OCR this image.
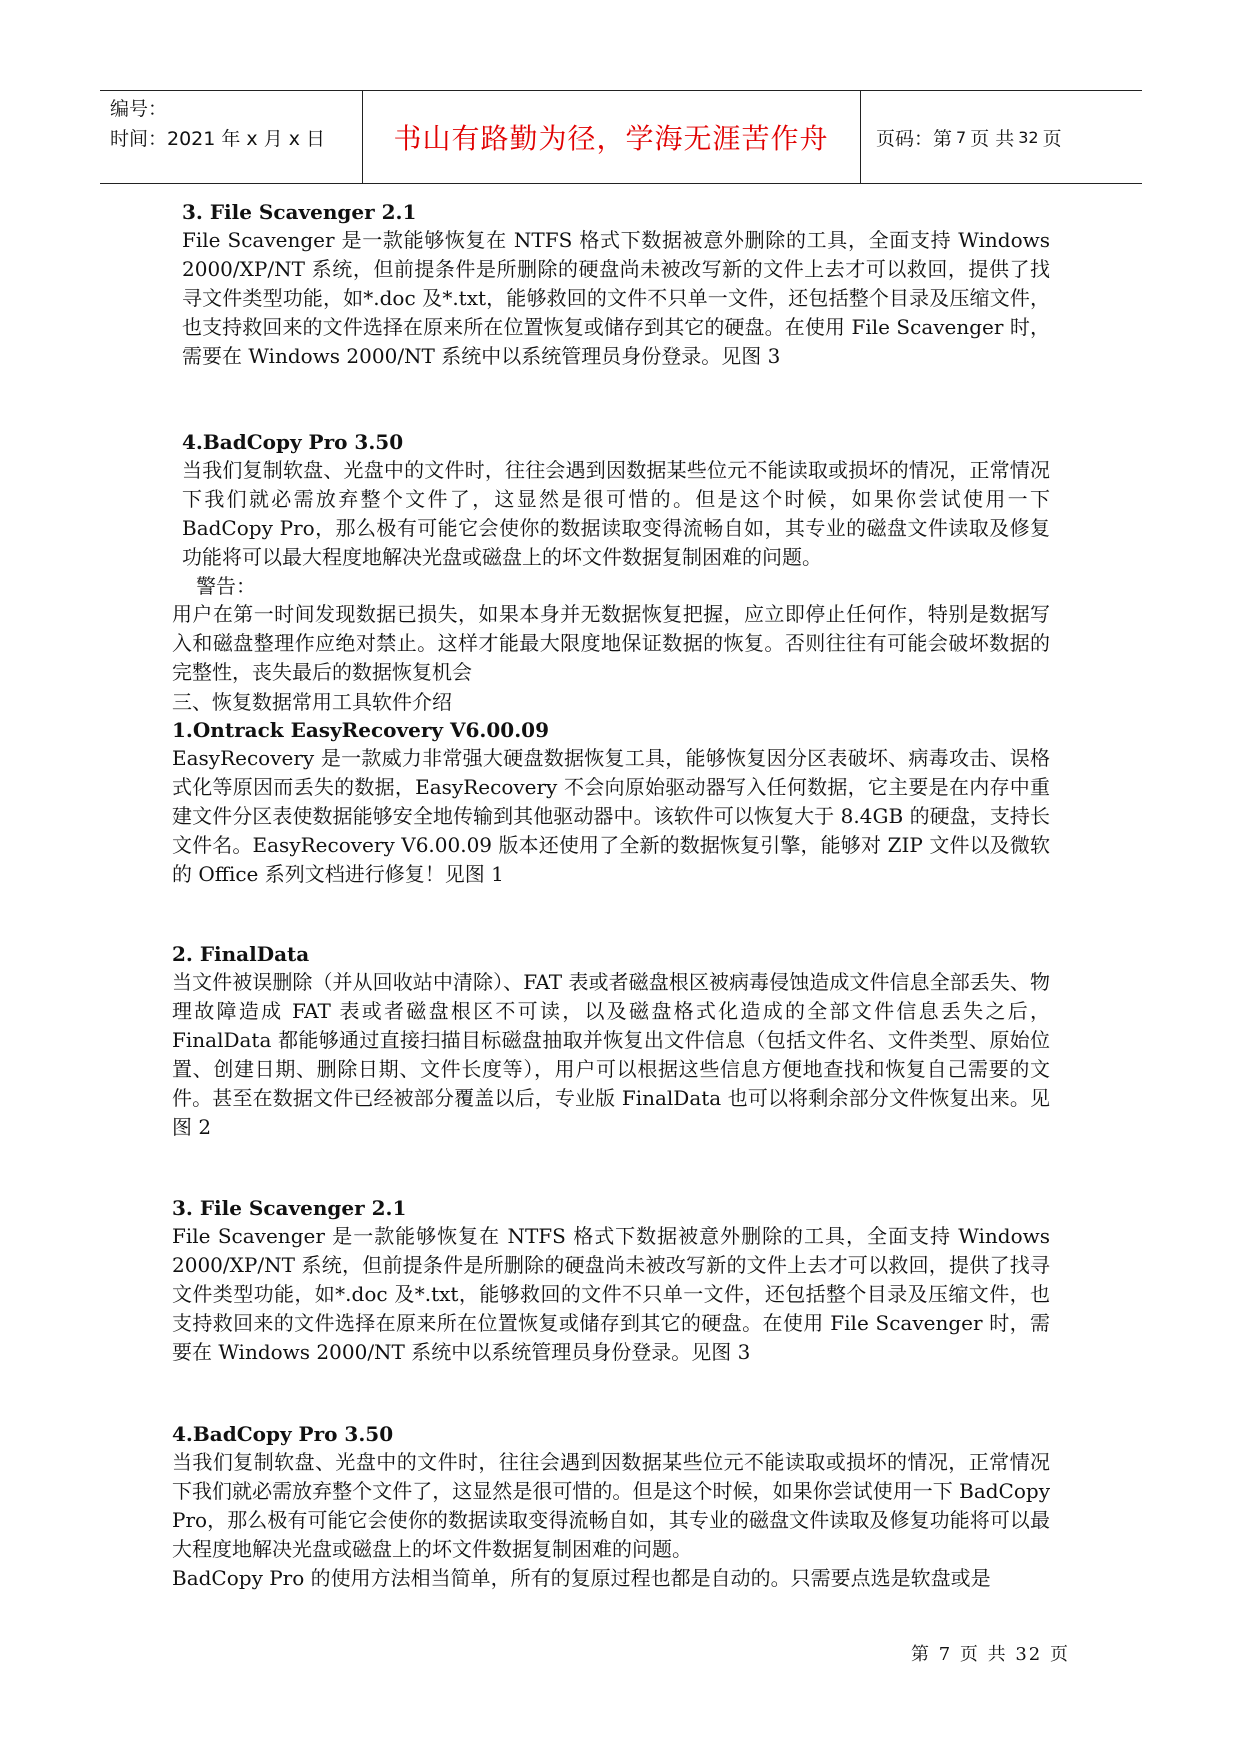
编号：
时间：2021 年 x 月 x 日	书山有路勤为径，学海无涯苦作舟	页码：第 7 页 共 32 页
3. File Scavenger 2.1
File Scavenger 是一款能够恢复在 NTFS 格式下数据被意外删除的工具，全面支持 Windows 2000/XP/NT 系统，但前提条件是所删除的硬盘尚未被改写新的文件上去才可以救回，提供了找寻文件类型功能，如*.doc 及*.txt，能够救回的文件不只单一文件，还包括整个目录及压缩文件，也支持救回来的文件选择在原来所在位置恢复或储存到其它的硬盘。在使用 File Scavenger 时，需要在 Windows 2000/NT 系统中以系统管理员身份登录。见图 3
4.BadCopy Pro 3.50
当我们复制软盘、光盘中的文件时，往往会遇到因数据某些位元不能读取或损坏的情况，正常情况下我们就必需放弃整个文件了，这显然是很可惜的。但是这个时候，如果你尝试使用一下 BadCopy Pro，那么极有可能它会使你的数据读取变得流畅自如，其专业的磁盘文件读取及修复功能将可以最大程度地解决光盘或磁盘上的坏文件数据复制困难的问题。
警告：
用户在第一时间发现数据已损失，如果本身并无数据恢复把握，应立即停止任何作，特别是数据写入和磁盘整理作应绝对禁止。这样才能最大限度地保证数据的恢复。否则往往有可能会破坏数据的完整性，丧失最后的数据恢复机会
三、恢复数据常用工具软件介绍
1.Ontrack EasyRecovery V6.00.09
EasyRecovery 是一款威力非常强大硬盘数据恢复工具，能够恢复因分区表破坏、病毒攻击、误格式化等原因而丢失的数据，EasyRecovery 不会向原始驱动器写入任何数据，它主要是在内存中重建文件分区表使数据能够安全地传输到其他驱动器中。该软件可以恢复大于 8.4GB 的硬盘，支持长文件名。EasyRecovery V6.00.09 版本还使用了全新的数据恢复引擎，能够对 ZIP 文件以及微软的 Office 系列文档进行修复！见图 1
2. FinalData
当文件被误删除（并从回收站中清除）、FAT 表或者磁盘根区被病毒侵蚀造成文件信息全部丢失、物理故障造成 FAT 表或者磁盘根区不可读，以及磁盘格式化造成的全部文件信息丢失之后，FinalData 都能够通过直接扫描目标磁盘抽取并恢复出文件信息（包括文件名、文件类型、原始位置、创建日期、删除日期、文件长度等），用户可以根据这些信息方便地查找和恢复自己需要的文件。甚至在数据文件已经被部分覆盖以后，专业版 FinalData 也可以将剩余部分文件恢复出来。见图 2
3. File Scavenger 2.1
File Scavenger 是一款能够恢复在 NTFS 格式下数据被意外删除的工具，全面支持 Windows 2000/XP/NT 系统，但前提条件是所删除的硬盘尚未被改写新的文件上去才可以救回，提供了找寻文件类型功能，如*.doc 及*.txt，能够救回的文件不只单一文件，还包括整个目录及压缩文件，也支持救回来的文件选择在原来所在位置恢复或储存到其它的硬盘。在使用 File Scavenger 时，需要在 Windows 2000/NT 系统中以系统管理员身份登录。见图 3
4.BadCopy Pro 3.50
当我们复制软盘、光盘中的文件时，往往会遇到因数据某些位元不能读取或损坏的情况，正常情况下我们就必需放弃整个文件了，这显然是很可惜的。但是这个时候，如果你尝试使用一下 BadCopy Pro，那么极有可能它会使你的数据读取变得流畅自如，其专业的磁盘文件读取及修复功能将可以最大程度地解决光盘或磁盘上的坏文件数据复制困难的问题。
BadCopy Pro 的使用方法相当简单，所有的复原过程也都是自动的。只需要点选是软盘或是
第 7 页 共 32 页
